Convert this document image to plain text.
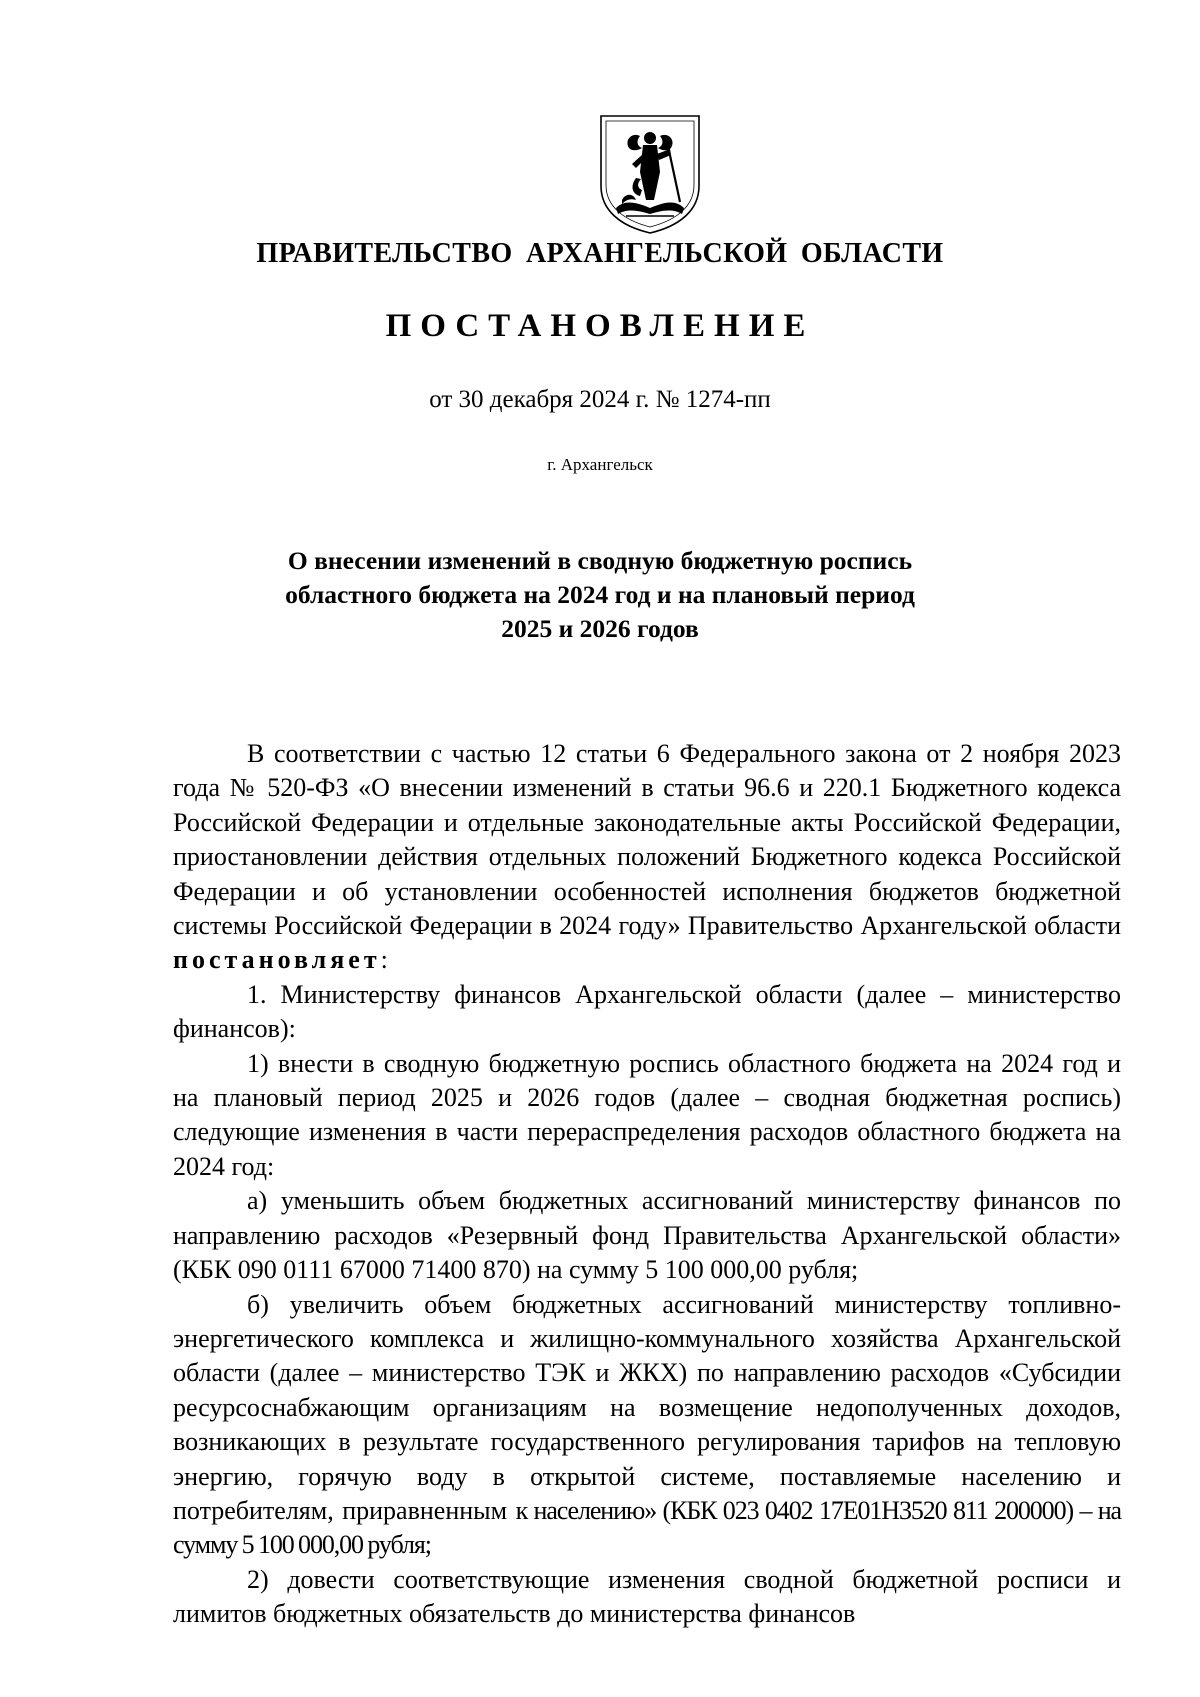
ПРАВИТЕЛЬСТВО АРХАНГЕЛЬСКОЙ ОБЛАСТИ

ПОСТАНОВЛЕНИЕ

от 30 декабря 2024 г. № 1274-пп

г. Архангельск

О внесении изменений в сводную бюджетную роспись
областного бюджета на 2024 год и на плановый период
2025 и 2026 годов

В соответствии с частью 12 статьи 6 Федерального закона от 2 ноября 2023 года № 520-ФЗ «О внесении изменений в статьи 96.6 и 220.1 Бюджетного кодекса Российской Федерации и отдельные законодательные акты Российской Федерации, приостановлении действия отдельных положений Бюджетного кодекса Российской Федерации и об установлении особенностей исполнения бюджетов бюджетной системы Российской Федерации в 2024 году» Правительство Архангельской области постановляет:

1. Министерству финансов Архангельской области (далее – министерство финансов):

1) внести в сводную бюджетную роспись областного бюджета на 2024 год и на плановый период 2025 и 2026 годов (далее – сводная бюджетная роспись) следующие изменения в части перераспределения расходов областного бюджета на 2024 год:

а) уменьшить объем бюджетных ассигнований министерству финансов по направлению расходов «Резервный фонд Правительства Архангельской области» (КБК 090 0111 67000 71400 870) на сумму 5 100 000,00 рубля;

б) увеличить объем бюджетных ассигнований министерству топливно-энергетического комплекса и жилищно-коммунального хозяйства Архангельской области (далее – министерство ТЭК и ЖКХ) по направлению расходов «Субсидии ресурсоснабжающим организациям на возмещение недополученных доходов, возникающих в результате государственного регулирования тарифов на тепловую энергию, горячую воду в открытой системе, поставляемые населению и потребителям, приравненным к населению» (КБК 023 0402 17Е01Н3520 811 200000) – на сумму 5 100 000,00 рубля;

2) довести соответствующие изменения сводной бюджетной росписи и лимитов бюджетных обязательств до министерства финансов
